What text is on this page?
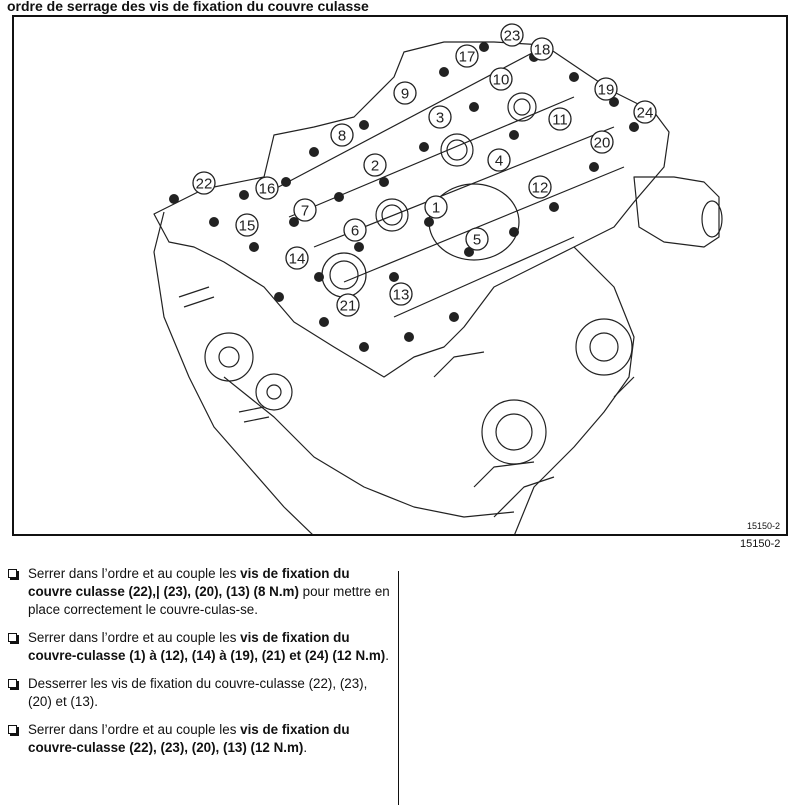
ordre de serrage des vis de fixation du couvre culasse
1
2
3
4
5
6
7
8
9
10
11
12
13
14
15
16
17	18
19
20
21
22
23
24
15150-2
15150-2
Serrer dans l’ordre et au couple les vis de fixation du couvre culasse (22),| (23), (20), (13) (8 N.m) pour mettre en place correctement le couvre-culas-se.
Serrer dans l’ordre et au couple les vis de fixation du couvre-culasse (1) à (12), (14) à (19), (21) et (24) (12 N.m).
Desserrer les vis de fixation du couvre-culasse (22), (23), (20) et (13).
Serrer dans l’ordre et au couple les vis de fixation du couvre-culasse (22), (23), (20), (13) (12 N.m).
